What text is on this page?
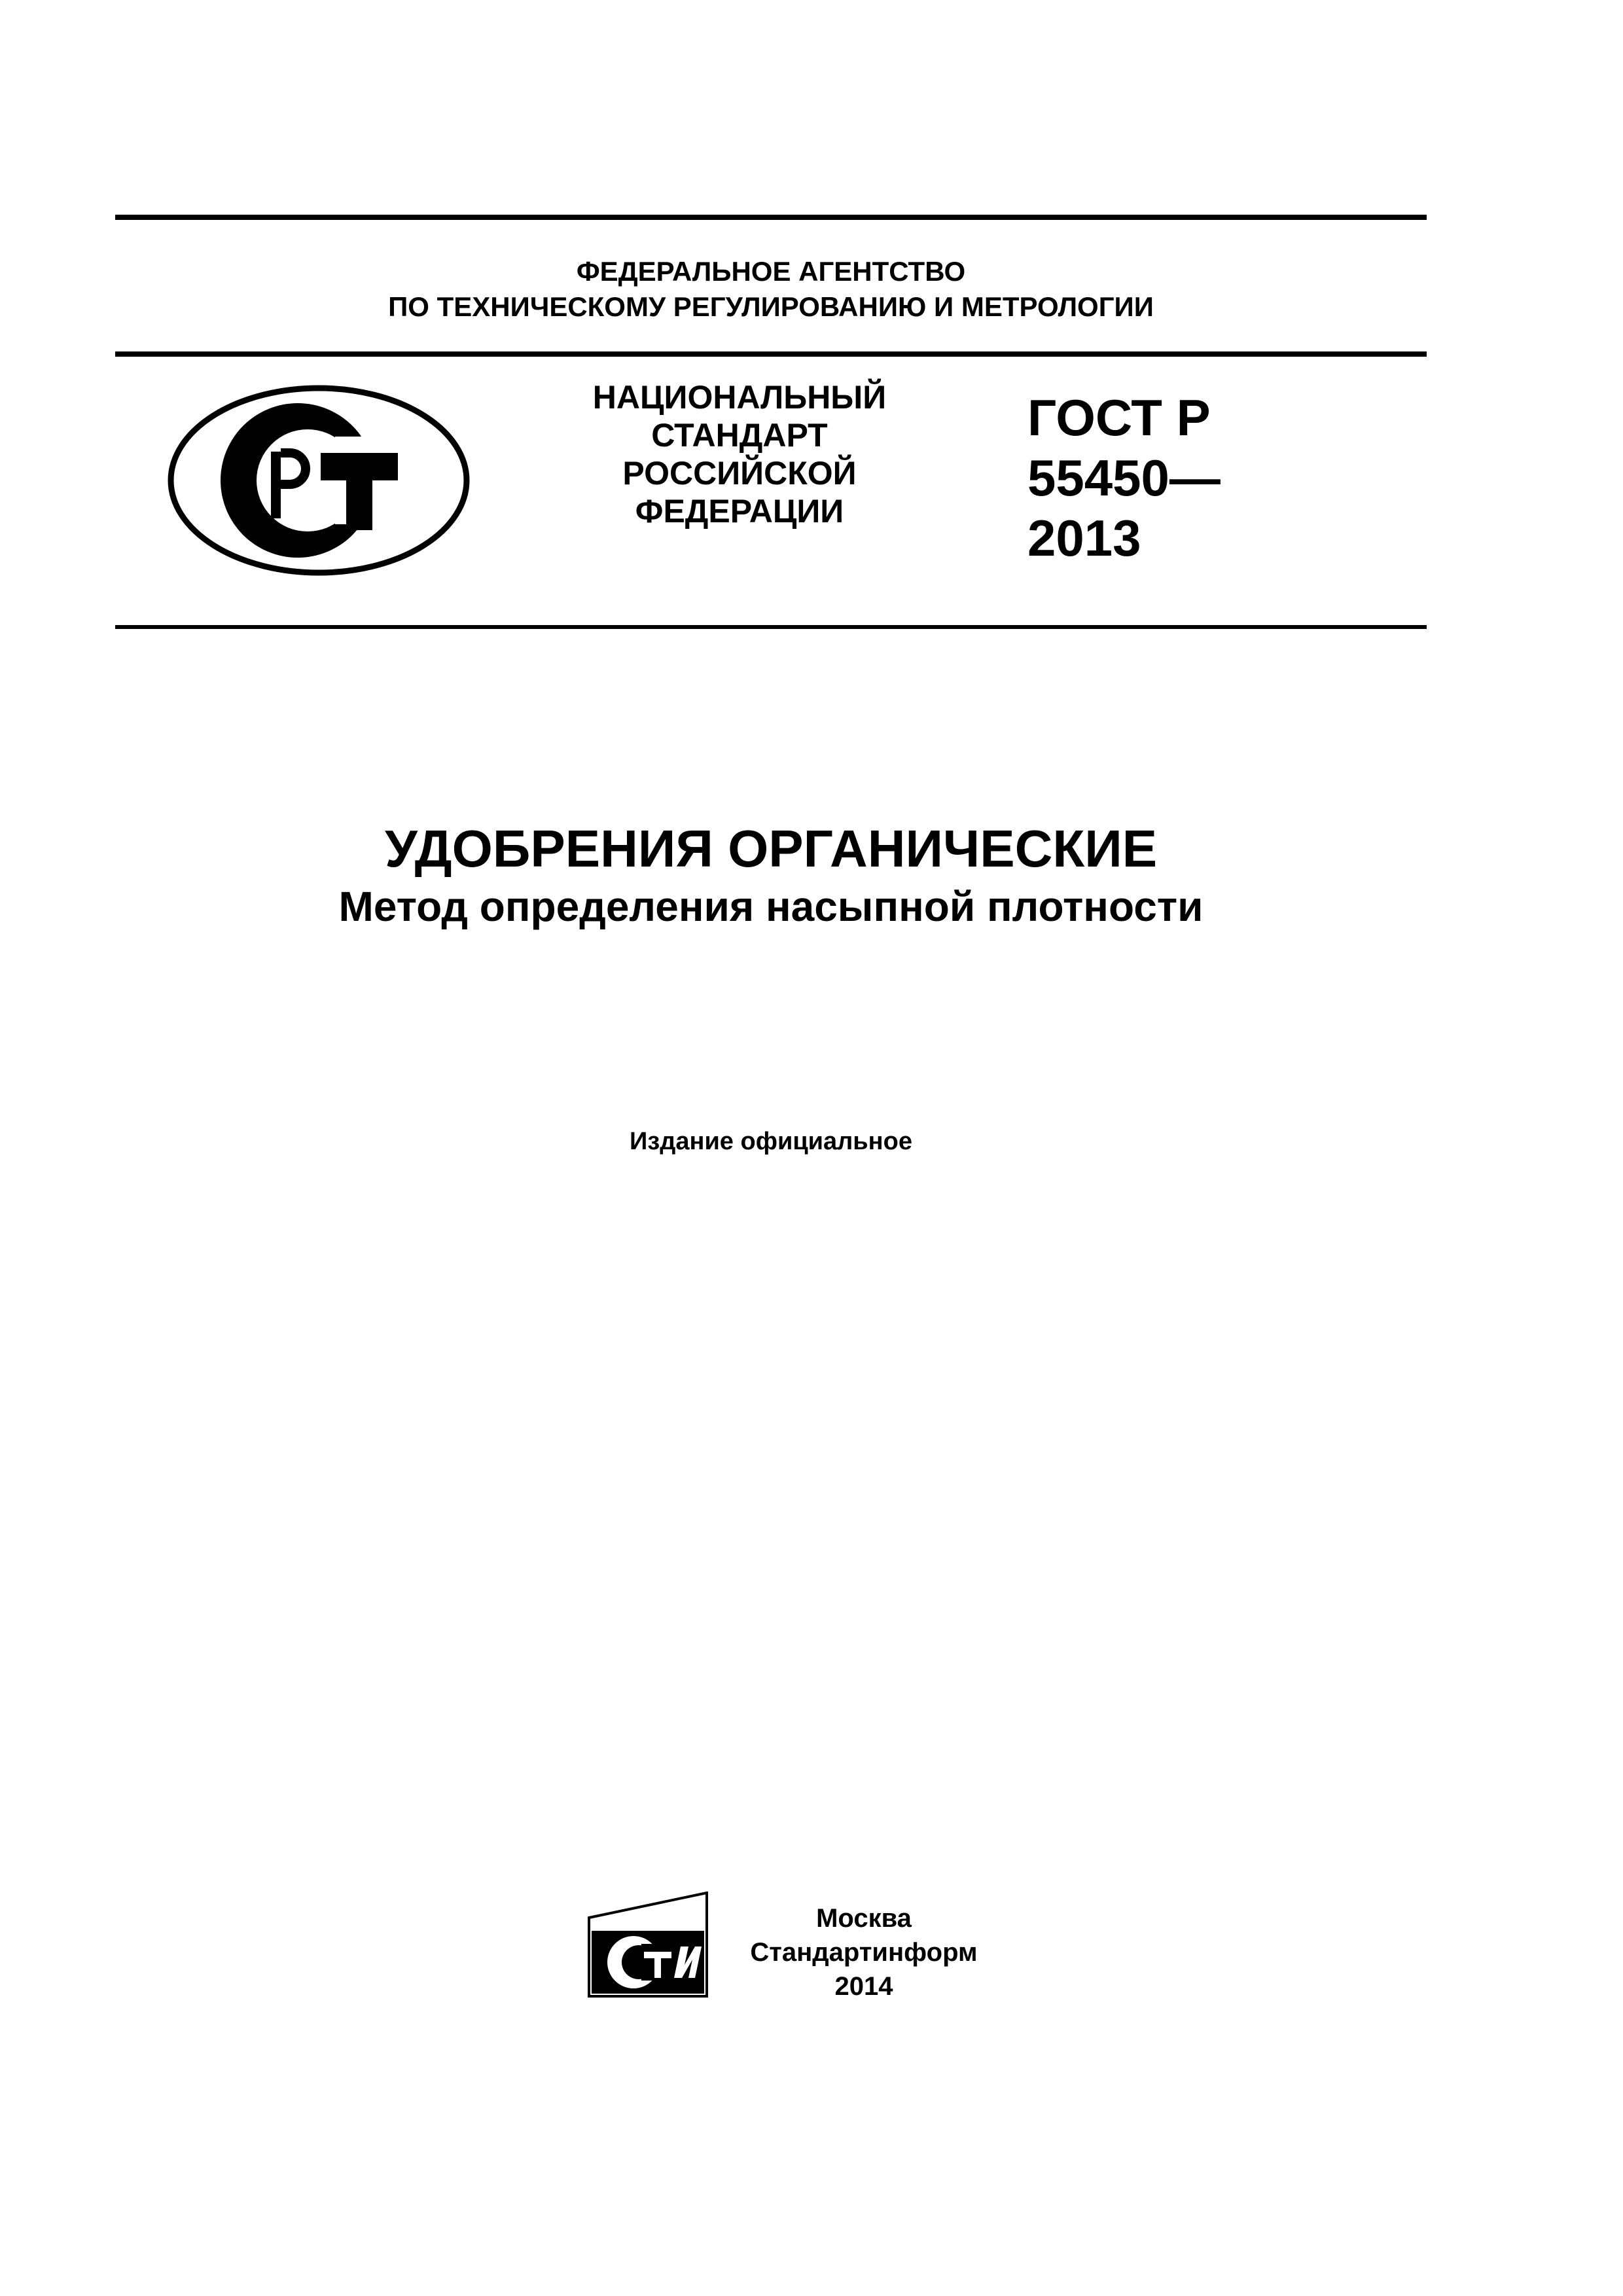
ФЕДЕРАЛЬНОЕ АГЕНТСТВО
ПО ТЕХНИЧЕСКОМУ РЕГУЛИРОВАНИЮ И МЕТРОЛОГИИ
НАЦИОНАЛЬНЫЙ
СТАНДАРТ
РОССИЙСКОЙ
ФЕДЕРАЦИИ
ГОСТ Р
55450—
2013
УДОБРЕНИЯ ОРГАНИЧЕСКИЕ
Метод определения насыпной плотности
Издание официальное
Москва
Стандартинформ
2014
